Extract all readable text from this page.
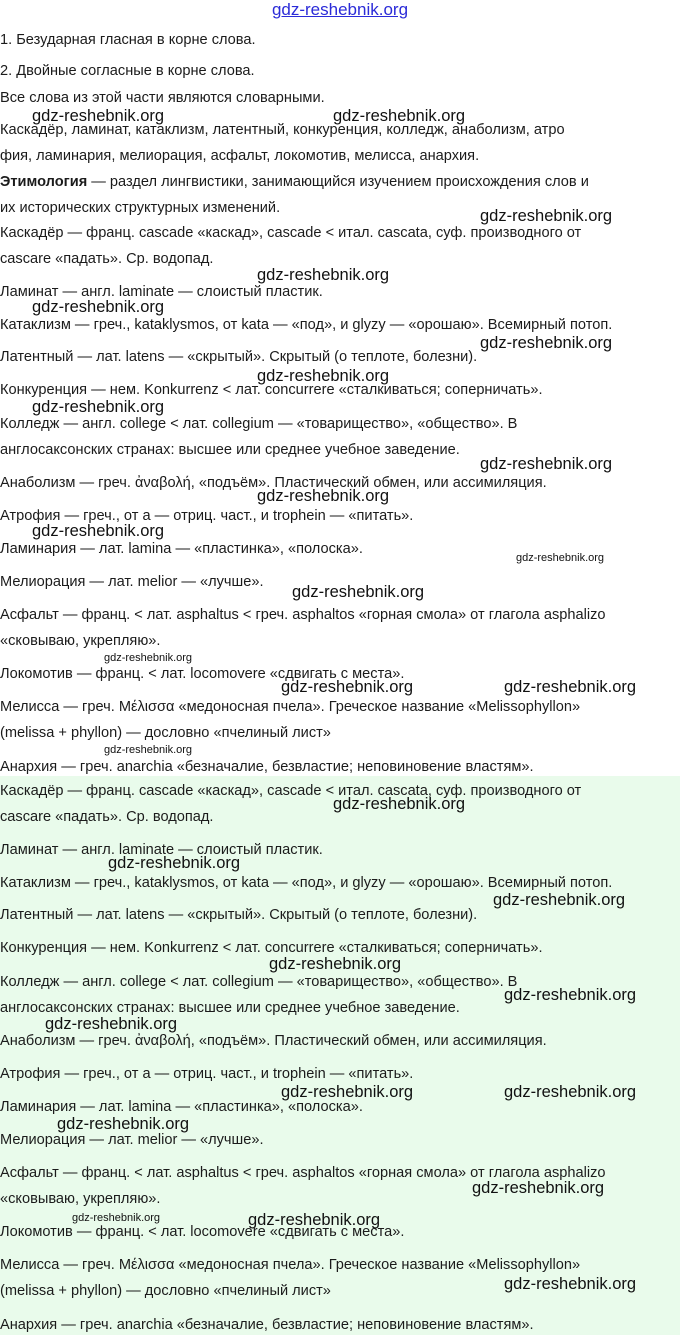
gdz-reshebnik.org

1. Безударная гласная в корне слова.

2. Двойные согласные в корне слова.

Все слова из этой части являются словарными.

Каскадёр, ламинат, катаклизм, латентный, конкуренция, колледж, анаболизм, атро

фия, ламинария, мелиорация, асфальт, локомотив, мелисса, анархия.

Этимология — раздел лингвистики, занимающийся изучением происхождения слов и

их исторических структурных изменений.

Каскадёр — франц. cascade «каскад», cascade < итал. cascata, суф. производного от

cascare «падать». Ср. водопад.

Ламинат — англ. laminate — слоистый пластик.

Катаклизм — греч., kataklysmos, от kata — «под», и glyzy — «орошаю». Всемирный потоп.

Латентный — лат. latens — «скрытый». Скрытый (о теплоте, болезни).

Конкуренция — нем. Konkurrenz < лат. concurrere «сталкиваться; соперничать».

Колледж — англ. college < лат. collegium — «товарищество», «общество». В

англосаксонских странах: высшее или среднее учебное заведение.

Анаболизм — греч. ἀναβολή, «подъём». Пластический обмен, или ассимиляция.

Атрофия — греч., от а — отриц. част., и trophein — «питать».

Ламинария — лат. lamina — «пластинка», «полоска».

Мелиорация — лат. melior — «лучше».

Асфальт — франц. < лат. asphaltus < греч. asphaltos «горная смола» от глагола asphalizo

«сковываю, укрепляю».

Локомотив — франц. < лат. locomovere «сдвигать с места».

Мелисса — греч. Μέλισσα «медоносная пчела». Греческое название «Melissophyllon»

(melissa + phyllon) — дословно «пчелиный лист»

Анархия — греч. anarchia «безначалие, безвластие; неповиновение властям».

Каскадёр — франц. cascade «каскад», cascade < итал. cascata, суф. производного от

cascare «падать». Ср. водопад.

Ламинат — англ. laminate — слоистый пластик.

Катаклизм — греч., kataklysmos, от kata — «под», и glyzy — «орошаю». Всемирный потоп.

Латентный — лат. latens — «скрытый». Скрытый (о теплоте, болезни).

Конкуренция — нем. Konkurrenz < лат. concurrere «сталкиваться; соперничать».

Колледж — англ. college < лат. collegium — «товарищество», «общество». В

англосаксонских странах: высшее или среднее учебное заведение.

Анаболизм — греч. ἀναβολή, «подъём». Пластический обмен, или ассимиляция.

Атрофия — греч., от а — отриц. част., и trophein — «питать».

Ламинария — лат. lamina — «пластинка», «полоска».

Мелиорация — лат. melior — «лучше».

Асфальт — франц. < лат. asphaltus < греч. asphaltos «горная смола» от глагола asphalizo

«сковываю, укрепляю».

Локомотив — франц. < лат. locomovere «сдвигать с места».

Мелисса — греч. Μέλισσα «медоносная пчела». Греческое название «Melissophyllon»

(melissa + phyllon) — дословно «пчелиный лист»

Анархия — греч. anarchia «безначалие, безвластие; неповиновение властям».

gdz-reshebnik.org	gdz-reshebnik.org
gdz-reshebnik.org
gdz-reshebnik.org
gdz-reshebnik.org
gdz-reshebnik.org
gdz-reshebnik.org
gdz-reshebnik.org
gdz-reshebnik.org
gdz-reshebnik.org
gdz-reshebnik.org
gdz-reshebnik.org
gdz-reshebnik.org
gdz-reshebnik.org
gdz-reshebnik.org	gdz-reshebnik.org
gdz-reshebnik.org
gdz-reshebnik.org
gdz-reshebnik.org
gdz-reshebnik.org
gdz-reshebnik.org
gdz-reshebnik.org
gdz-reshebnik.org
gdz-reshebnik.org	gdz-reshebnik.org
gdz-reshebnik.org
gdz-reshebnik.org
gdz-reshebnik.org	gdz-reshebnik.org
gdz-reshebnik.org
